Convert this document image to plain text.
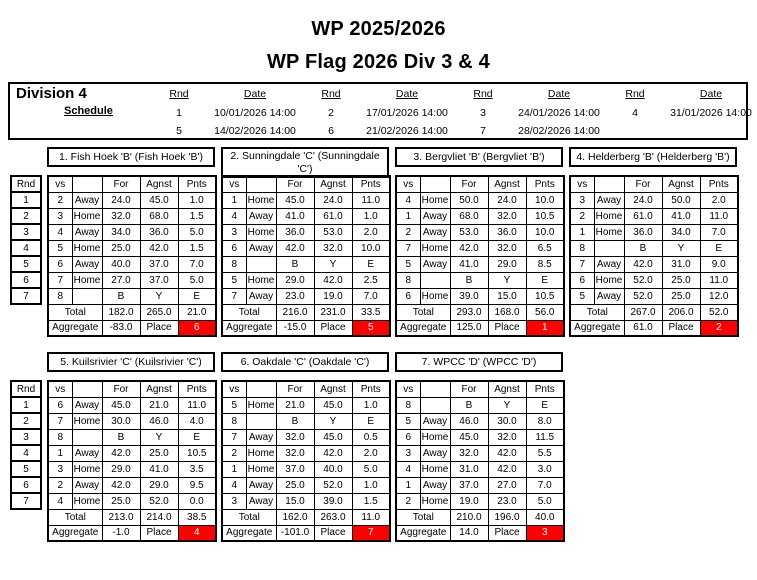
WP 2025/2026
WP Flag 2026 Div 3 & 4
Division 4
Schedule
Rnd	Date	Rnd	Date	Rnd	Date	Rnd	Date
1	10/01/2026 14:00	2	17/01/2026 14:00	3	24/01/2026 14:00	4	31/01/2026 14:00
5	14/02/2026 14:00	6	21/02/2026 14:00	7	28/02/2026 14:00
Rnd
1
2
3
4
5
6
7
1. Fish Hoek 'B' (Fish Hoek 'B')
vs		For	Agnst	Pnts
2	Away	24.0	45.0	1.0
3	Home	32.0	68.0	1.5
4	Away	34.0	36.0	5.0
5	Home	25.0	42.0	1.5
6	Away	40.0	37.0	7.0
7	Home	27.0	37.0	5.0
8		B	Y	E
Total		182.0	265.0	21.0
Aggregate		-83.0	Place	6
2. Sunningdale 'C' (Sunningdale 'C')
vs		For	Agnst	Pnts
1	Home	45.0	24.0	11.0
4	Away	41.0	61.0	1.0
3	Home	36.0	53.0	2.0
6	Away	42.0	32.0	10.0
8		B	Y	E
5	Home	29.0	42.0	2.5
7	Away	23.0	19.0	7.0
Total		216.0	231.0	33.5
Aggregate		-15.0	Place	5
3. Bergvliet 'B' (Bergvliet 'B')
vs		For	Agnst	Pnts
4	Home	50.0	24.0	10.0
1	Away	68.0	32.0	10.5
2	Away	53.0	36.0	10.0
7	Home	42.0	32.0	6.5
5	Away	41.0	29.0	8.5
8		B	Y	E
6	Home	39.0	15.0	10.5
Total		293.0	168.0	56.0
Aggregate		125.0	Place	1
4. Helderberg 'B' (Helderberg 'B')
vs		For	Agnst	Pnts
3	Away	24.0	50.0	2.0
2	Home	61.0	41.0	11.0
1	Home	36.0	34.0	7.0
8		B	Y	E
7	Away	42.0	31.0	9.0
6	Home	52.0	25.0	11.0
5	Away	52.0	25.0	12.0
Total		267.0	206.0	52.0
Aggregate		61.0	Place	2
Rnd
1
2
3
4
5
6
7
5. Kuilsrivier 'C' (Kuilsrivier 'C')
vs		For	Agnst	Pnts
6	Away	45.0	21.0	11.0
7	Home	30.0	46.0	4.0
8		B	Y	E
1	Away	42.0	25.0	10.5
3	Home	29.0	41.0	3.5
2	Away	42.0	29.0	9.5
4	Home	25.0	52.0	0.0
Total		213.0	214.0	38.5
Aggregate		-1.0	Place	4
6. Oakdale 'C' (Oakdale 'C')
vs		For	Agnst	Pnts
5	Home	21.0	45.0	1.0
8		B	Y	E
7	Away	32.0	45.0	0.5
2	Home	32.0	42.0	2.0
1	Home	37.0	40.0	5.0
4	Away	25.0	52.0	1.0
3	Away	15.0	39.0	1.5
Total		162.0	263.0	11.0
Aggregate		-101.0	Place	7
7. WPCC 'D' (WPCC 'D')
vs		For	Agnst	Pnts
8		B	Y	E
5	Away	46.0	30.0	8.0
6	Home	45.0	32.0	11.5
3	Away	32.0	42.0	5.5
4	Home	31.0	42.0	3.0
1	Away	37.0	27.0	7.0
2	Home	19.0	23.0	5.0
Total		210.0	196.0	40.0
Aggregate		14.0	Place	3
